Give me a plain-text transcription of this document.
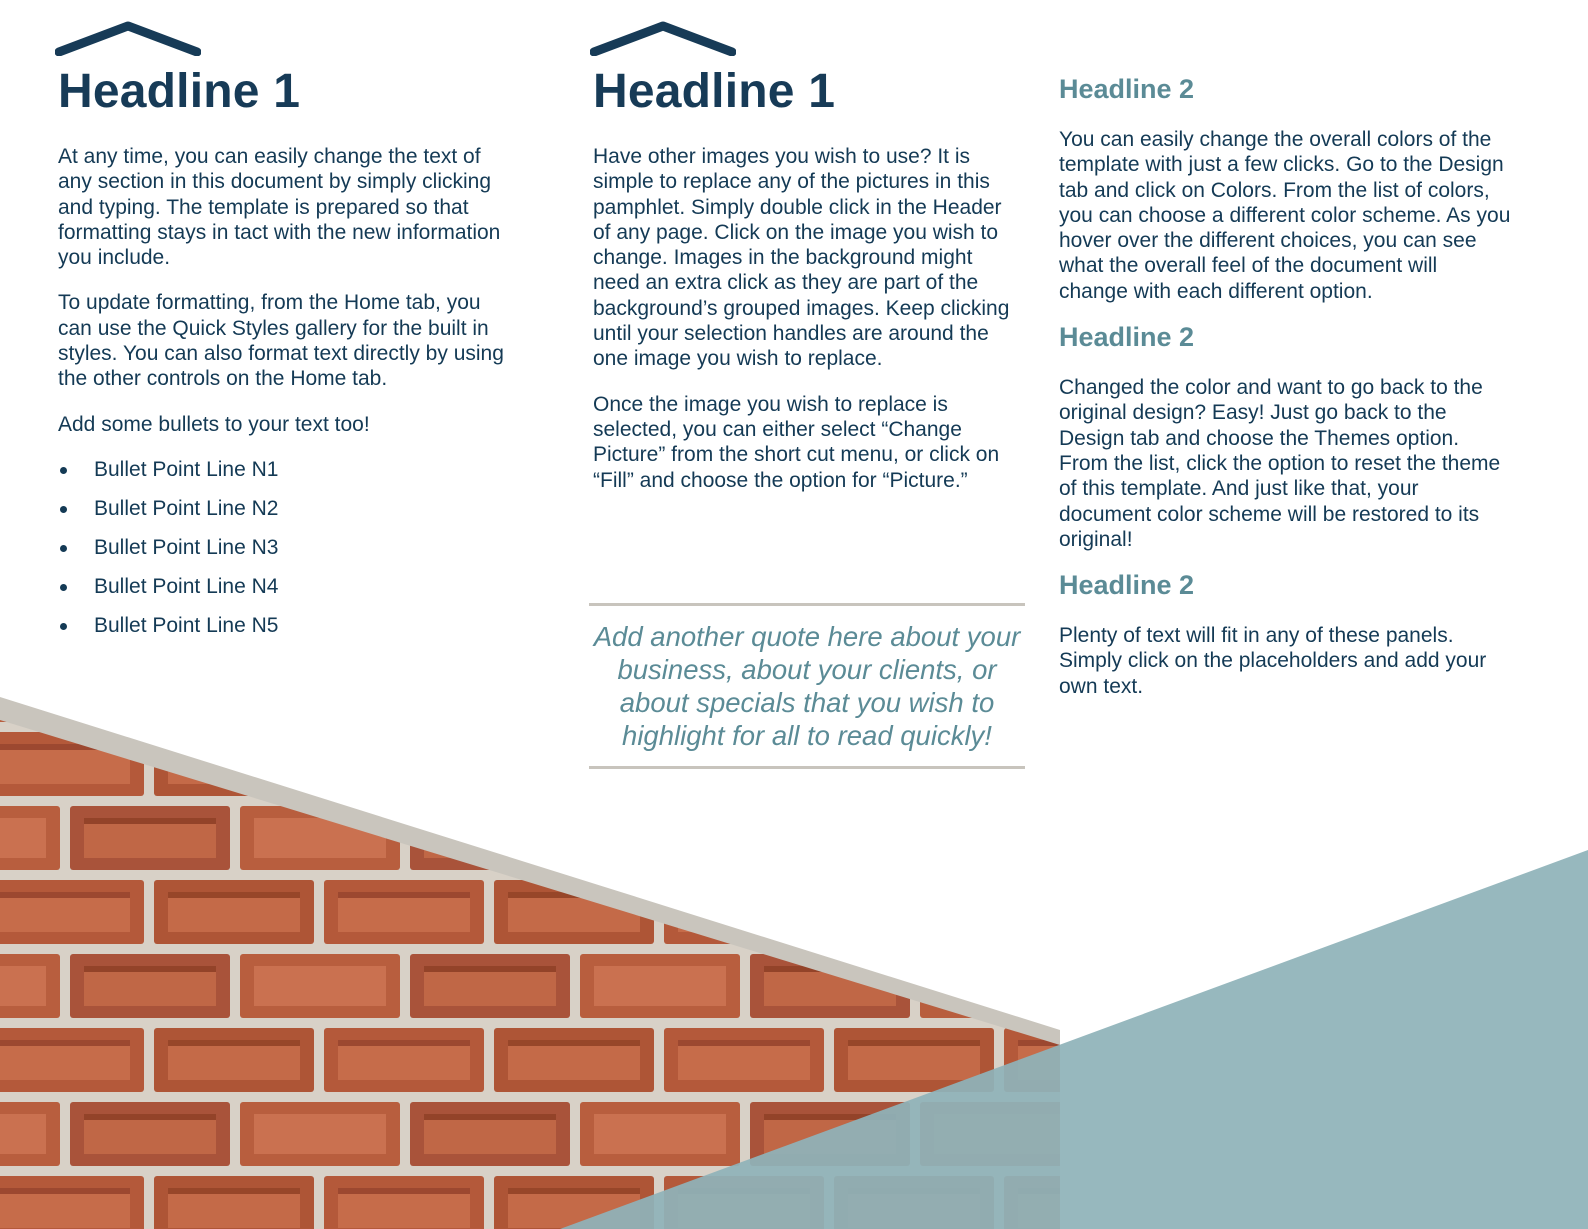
Headline 1

At any time, you can easily change the text of any section in this document by simply clicking and typing. The template is prepared so that formatting stays in tact with the new information you include.

To update formatting, from the Home tab, you can use the Quick Styles gallery for the built in styles. You can also format text directly by using the other controls on the Home tab.

Add some bullets to your text too!

Bullet Point Line N1
Bullet Point Line N2
Bullet Point Line N3
Bullet Point Line N4
Bullet Point Line N5
Headline 1

Have other images you wish to use? It is simple to replace any of the pictures in this pamphlet. Simply double click in the Header of any page. Click on the image you wish to change. Images in the background might need an extra click as they are part of the background’s grouped images. Keep clicking until your selection handles are around the one image you wish to replace.

Once the image you wish to replace is selected, you can either select “Change Picture” from the short cut menu, or click on “Fill” and choose the option for “Picture.”

Add another quote here about your business, about your clients, or about specials that you wish to highlight for all to read quickly!

Headline 2

You can easily change the overall colors of the template with just a few clicks. Go to the Design tab and click on Colors. From the list of colors, you can choose a different color scheme. As you hover over the different choices, you can see what the overall feel of the document will change with each different option.

Headline 2

Changed the color and want to go back to the original design? Easy! Just go back to the Design tab and choose the Themes option. From the list, click the option to reset the theme of this template. And just like that, your document color scheme will be restored to its original!

Headline 2

Plenty of text will fit in any of these panels. Simply click on the placeholders and add your own text.
